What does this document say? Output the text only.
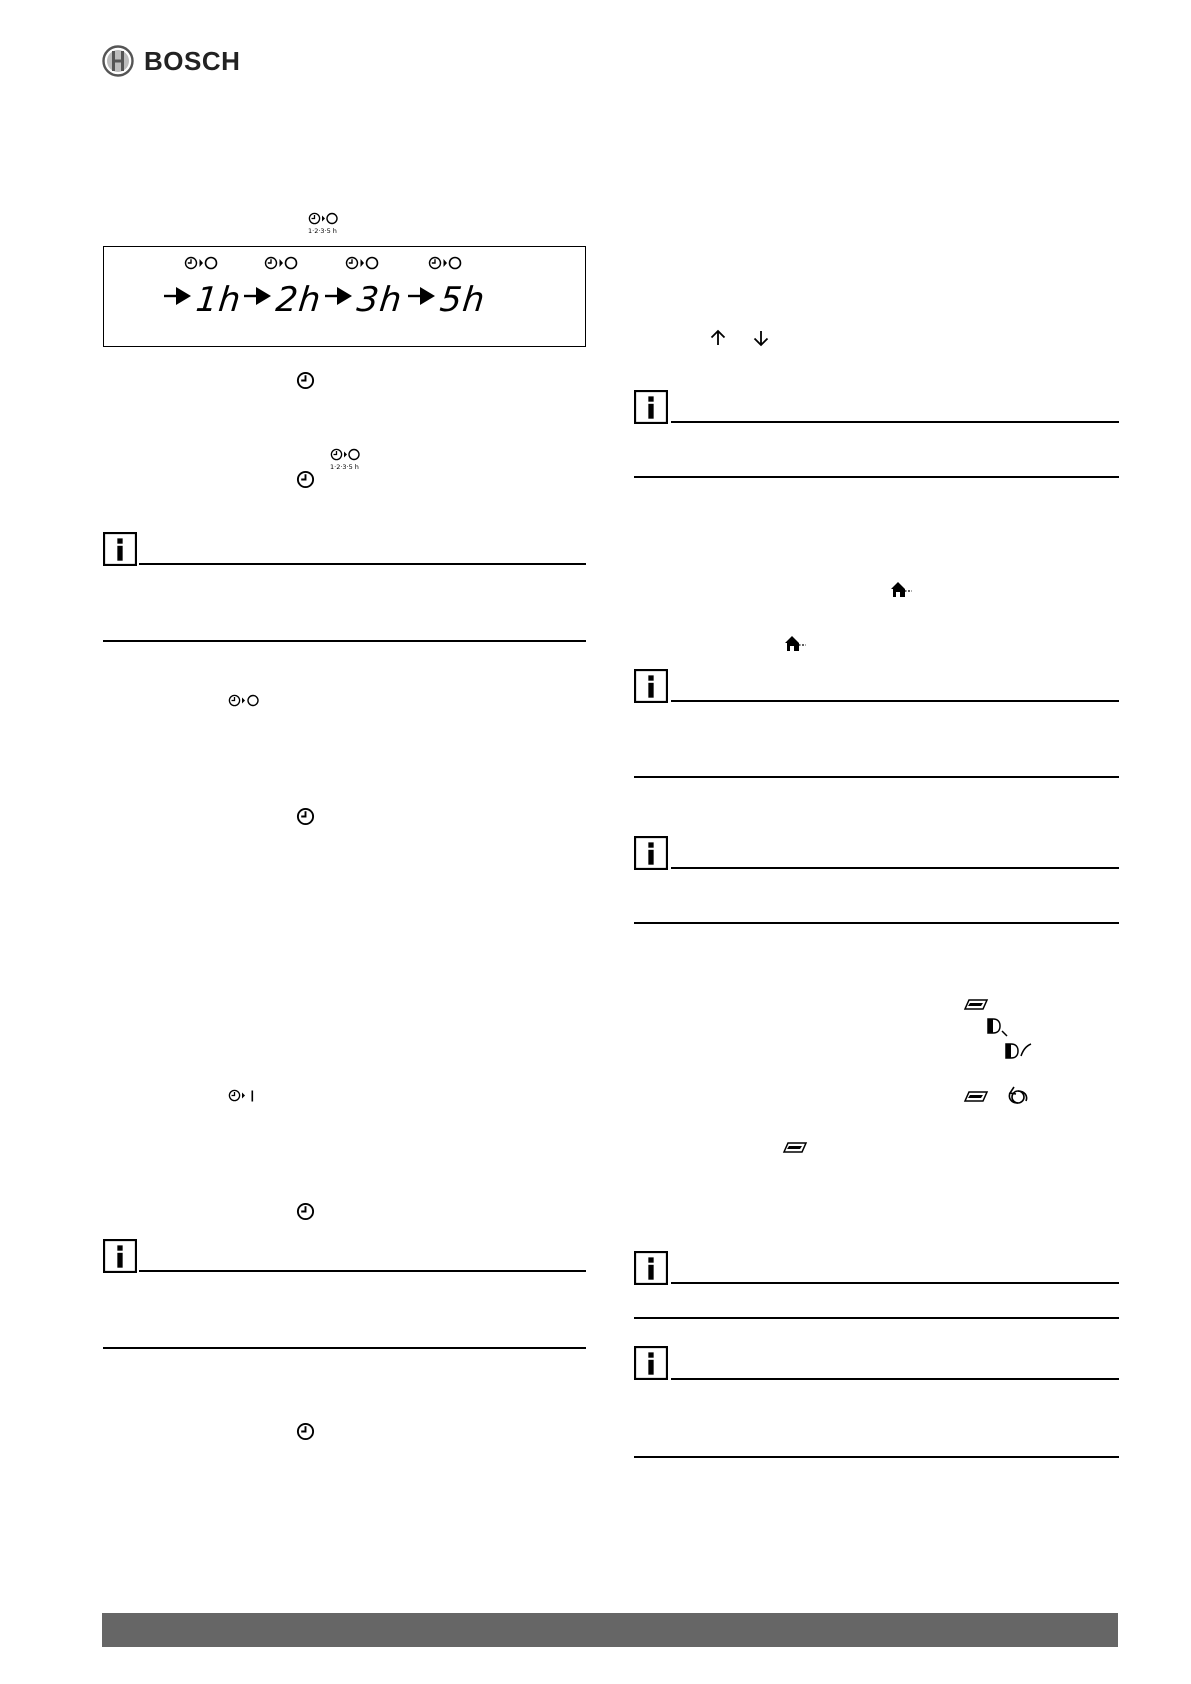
BOSCH
1·2·3·5 h
1h 2h 3h 5h
1·2·3·5 h
